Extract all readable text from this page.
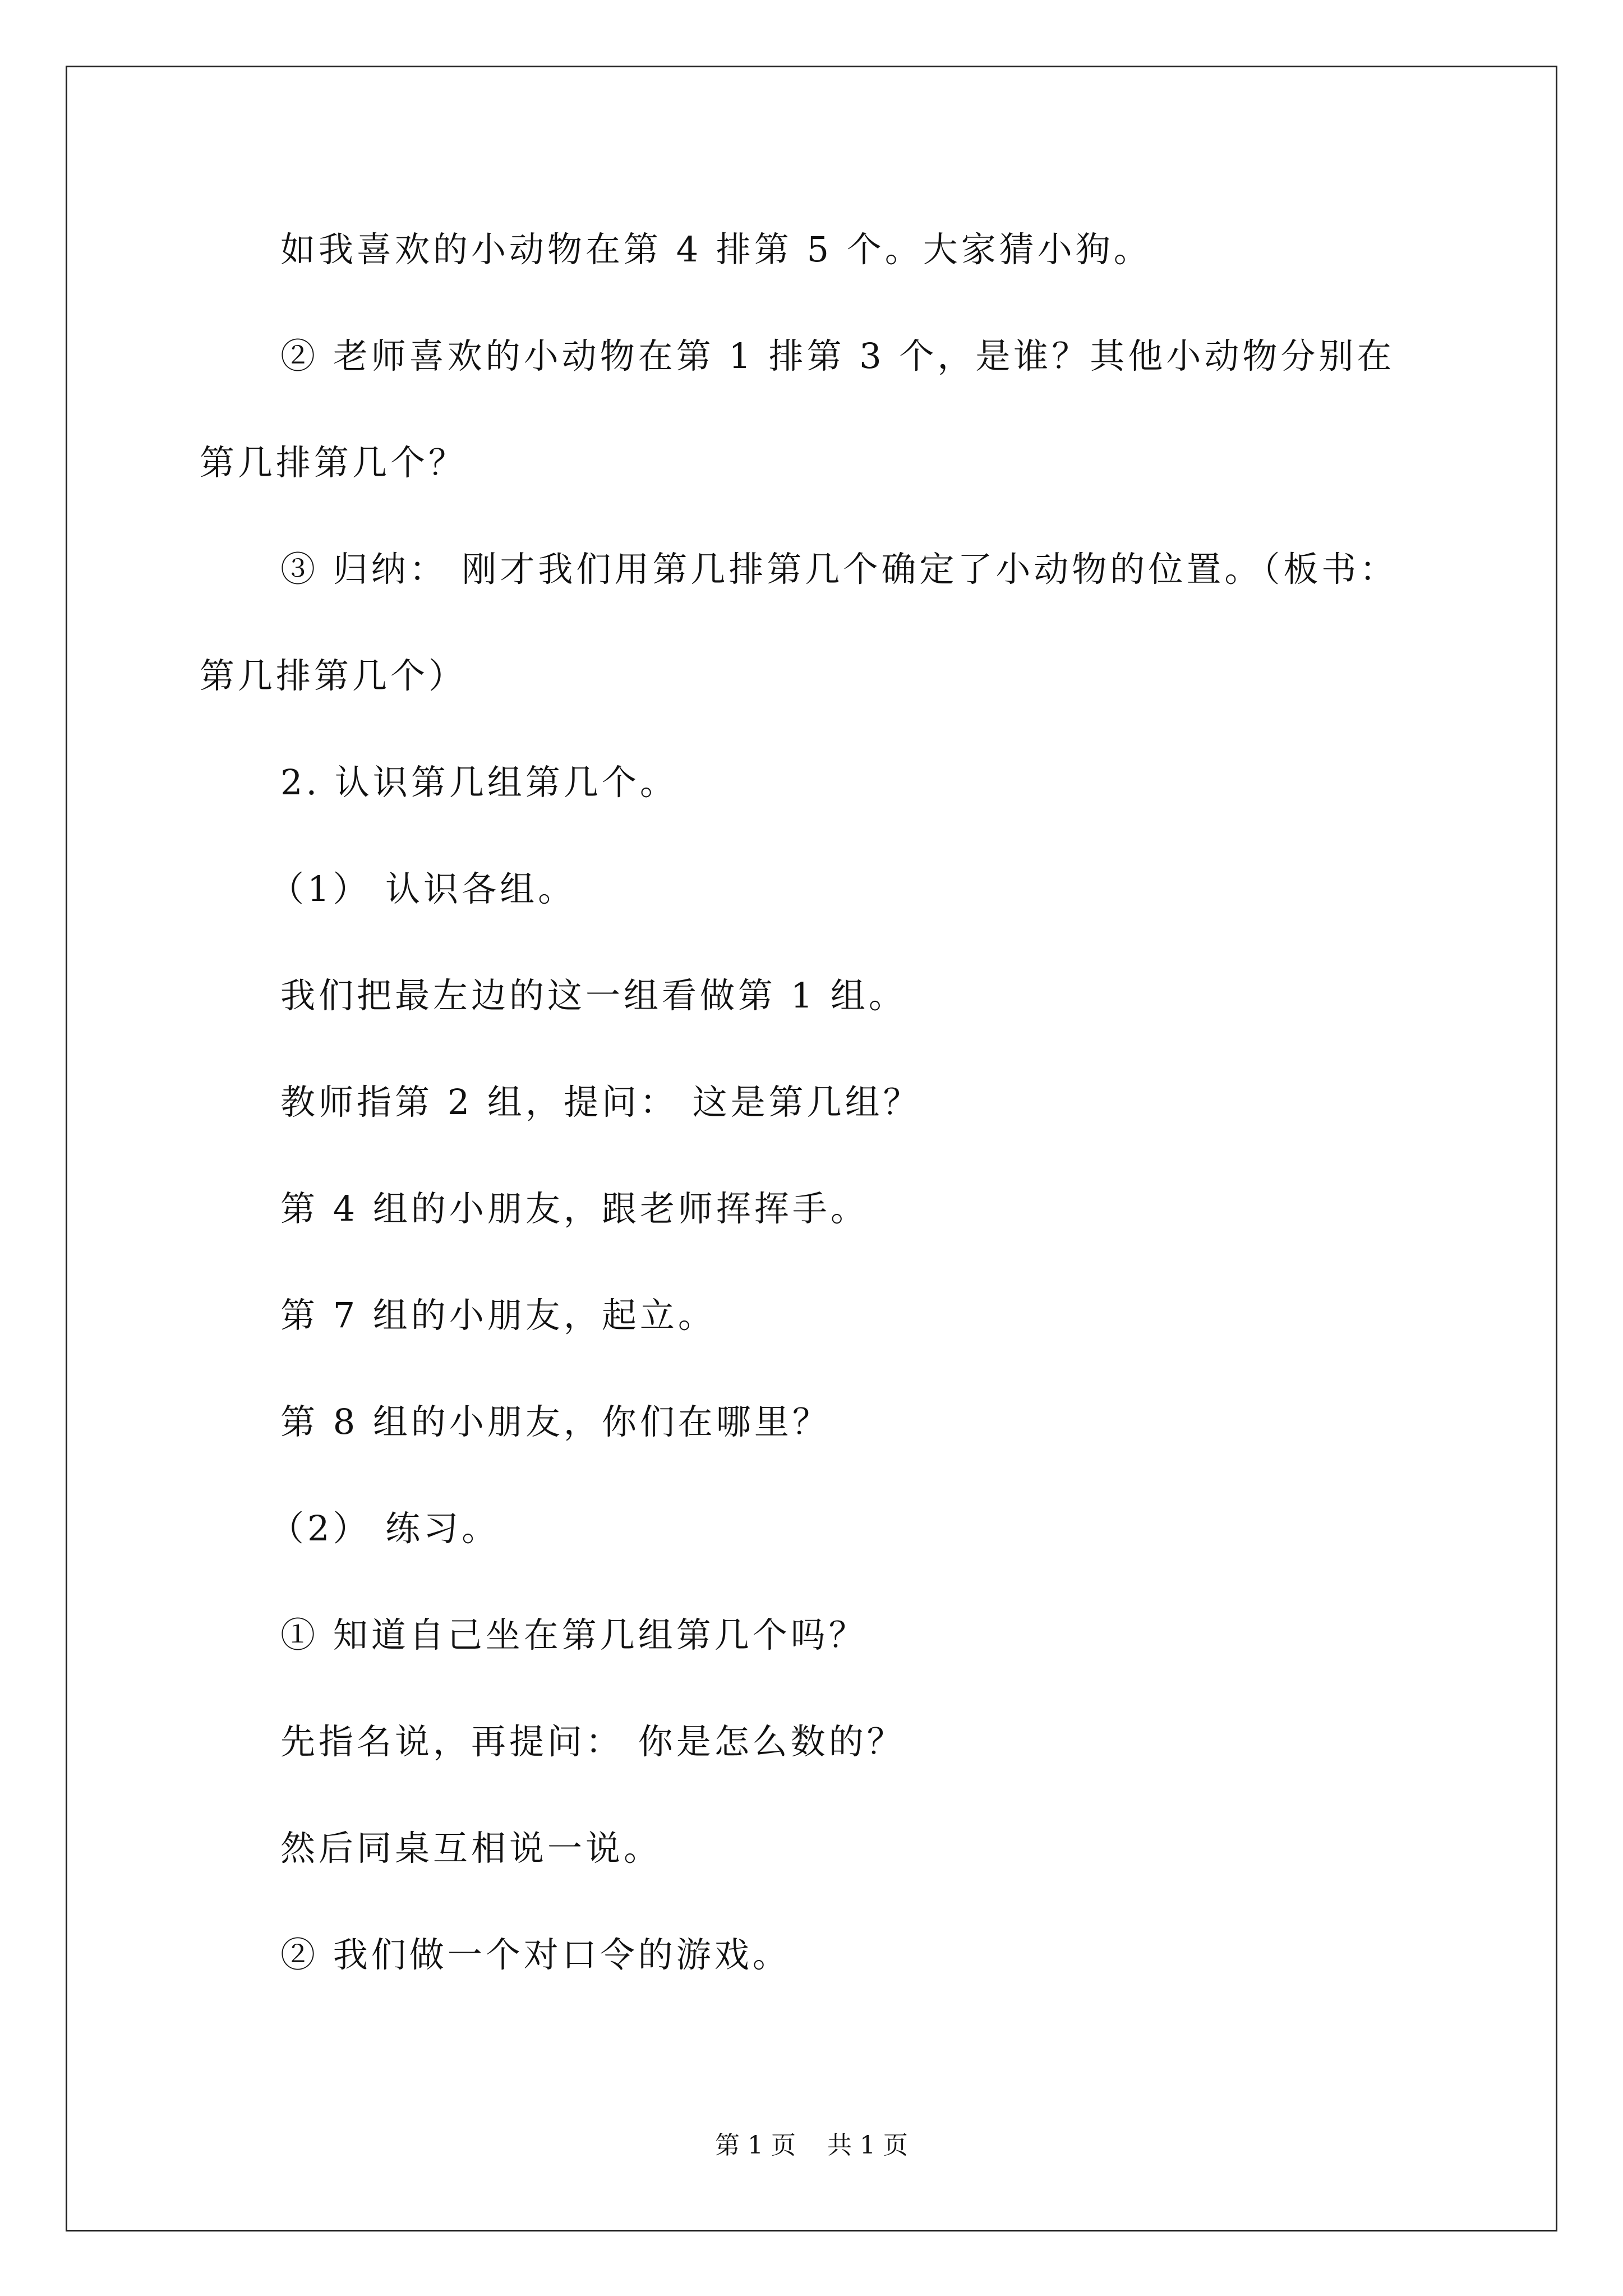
如我喜欢的小动物在第 4 排第 5 个。大家猜小狗。
② 老师喜欢的小动物在第 1 排第 3 个，是谁？其他小动物分别在
第几排第几个？
③ 归纳： 刚才我们用第几排第几个确定了小动物的位置。（板书：
第几排第几个）
2. 认识第几组第几个。
（1） 认识各组。
我们把最左边的这一组看做第 1 组。
教师指第 2 组，提问： 这是第几组？
第 4 组的小朋友，跟老师挥挥手。
第 7 组的小朋友，起立。
第 8 组的小朋友，你们在哪里？
（2） 练习。
① 知道自己坐在第几组第几个吗？
先指名说，再提问： 你是怎么数的？
然后同桌互相说一说。
② 我们做一个对口令的游戏。
第 1 页    共 1 页
